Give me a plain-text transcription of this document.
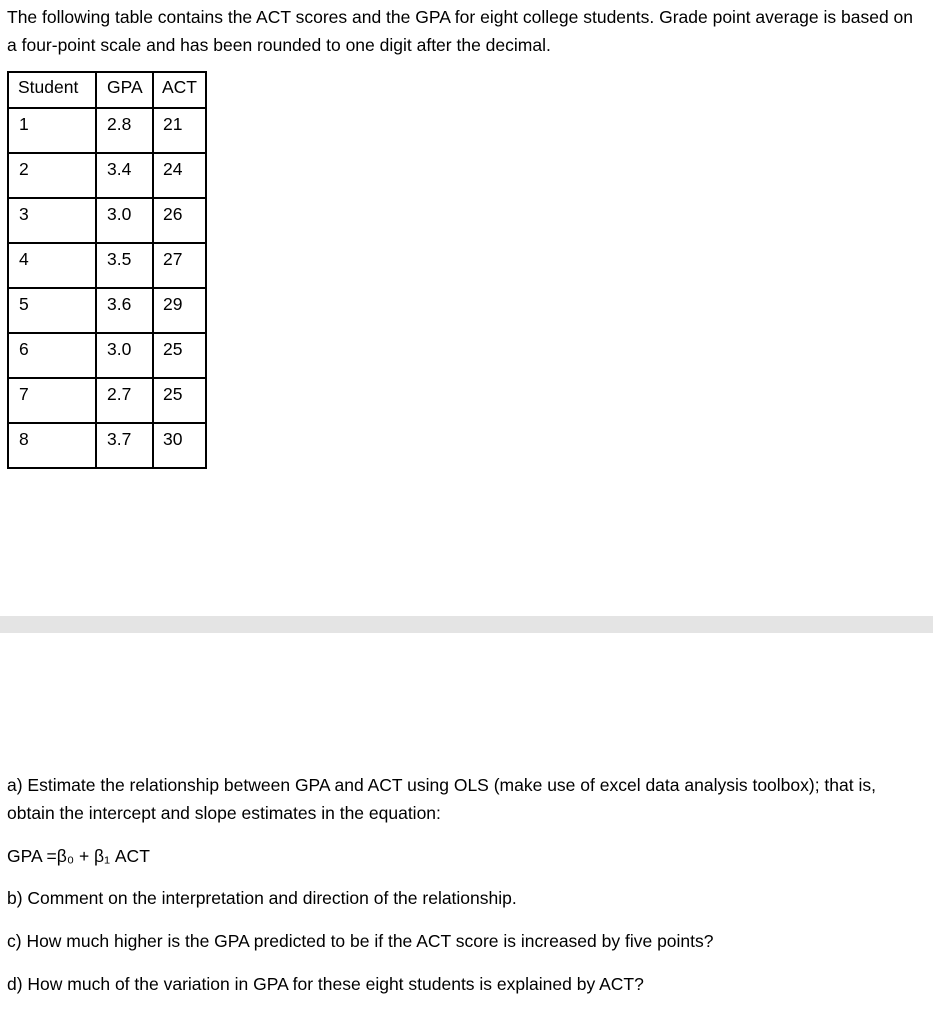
The following table contains the ACT scores and the GPA for eight college students. Grade point average is based on a four-point scale and has been rounded to one digit after the decimal.

Student	GPA	ACT
1	2.8	21
2	3.4	24
3	3.0	26
4	3.5	27
5	3.6	29
6	3.0	25
7	2.7	25
8	3.7	30

a) Estimate the relationship between GPA and ACT using OLS (make use of excel data analysis toolbox); that is, obtain the intercept and slope estimates in the equation:

GPA =β₀ + β₁ ACT

b) Comment on the interpretation and direction of the relationship.

c) How much higher is the GPA predicted to be if the ACT score is increased by five points?

d) How much of the variation in GPA for these eight students is explained by ACT?
